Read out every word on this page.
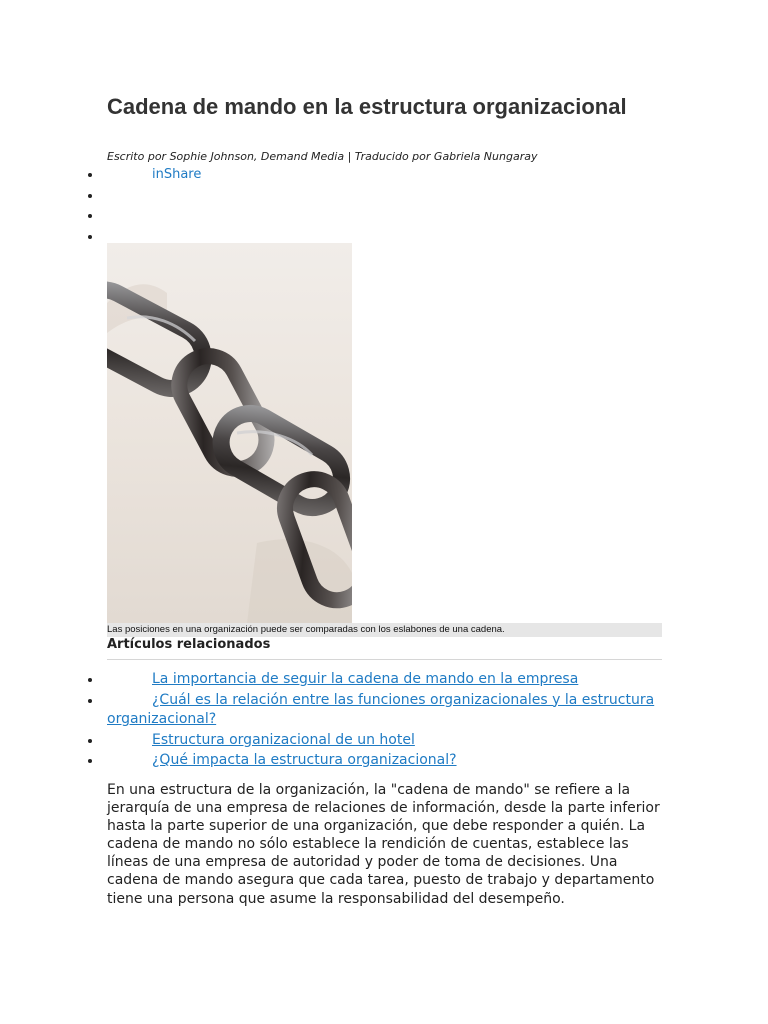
Cadena de mando en la estructura organizacional
Escrito por Sophie Johnson, Demand Media | Traducido por Gabriela Nungaray
inShare
Las posiciones en una organización puede ser comparadas con los eslabones de una cadena.
Artículos relacionados
La importancia de seguir la cadena de mando en la empresa
¿Cuál es la relación entre las funciones organizacionales y la estructura organizacional?
Estructura organizacional de un hotel
¿Qué impacta la estructura organizacional?

En una estructura de la organización, la "cadena de mando" se refiere a la jerarquía de una empresa de relaciones de información, desde la parte inferior hasta la parte superior de una organización, que debe responder a quién. La cadena de mando no sólo establece la rendición de cuentas, establece las líneas de una empresa de autoridad y poder de toma de decisiones. Una cadena de mando asegura que cada tarea, puesto de trabajo y departamento tiene una persona que asume la responsabilidad del desempeño.
